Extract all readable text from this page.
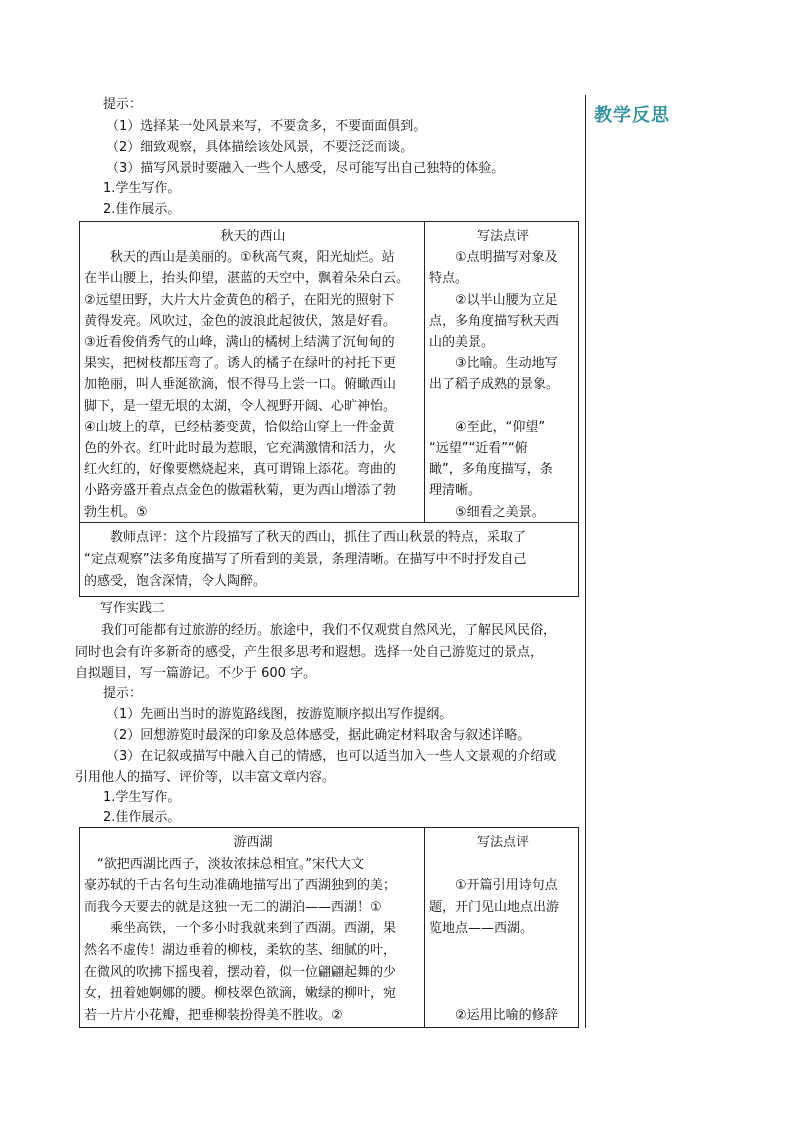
教学反思
提示：
（1）选择某一处风景来写，不要贪多，不要面面俱到。
（2）细致观察，具体描绘该处风景，不要泛泛而谈。
（3）描写风景时要融入一些个人感受，尽可能写出自己独特的体验。
1.学生写作。
2.佳作展示。
秋天的西山
　　秋天的西山是美丽的。①秋高气爽，阳光灿烂。站
在半山腰上，抬头仰望，湛蓝的天空中，飘着朵朵白云。
②远望田野，大片大片金黄色的稻子，在阳光的照射下
黄得发亮。风吹过，金色的波浪此起彼伏，煞是好看。
③近看俊俏秀气的山峰，满山的橘树上结满了沉甸甸的
果实，把树枝都压弯了。诱人的橘子在绿叶的衬托下更
加艳丽，叫人垂涎欲滴，恨不得马上尝一口。俯瞰西山
脚下，是一望无垠的太湖，令人视野开阔、心旷神怡。
④山坡上的草，已经枯萎变黄，恰似给山穿上一件金黄
色的外衣。红叶此时最为惹眼，它充满激情和活力，火
红火红的，好像要燃烧起来，真可谓锦上添花。弯曲的
小路旁盛开着点点金色的傲霜秋菊，更为西山增添了勃
勃生机。⑤
写法点评
　　①点明描写对象及
特点。
　　②以半山腰为立足
点，多角度描写秋天西
山的美景。
　　③比喻。生动地写
出了稻子成熟的景象。
　　④至此，“仰望”
“远望”“近看”“俯
瞰”，多角度描写，条
理清晰。
　　⑤细看之美景。
　　教师点评：这个片段描写了秋天的西山，抓住了西山秋景的特点，采取了
“定点观察”法多角度描写了所看到的美景，条理清晰。在描写中不时抒发自己
的感受，饱含深情，令人陶醉。
写作实践二
　　我们可能都有过旅游的经历。旅途中，我们不仅观赏自然风光，了解民风民俗，
同时也会有许多新奇的感受，产生很多思考和遐想。选择一处自己游览过的景点，
自拟题目，写一篇游记。不少于 600 字。
提示：
（1）先画出当时的游览路线图，按游览顺序拟出写作提纲。
（2）回想游览时最深的印象及总体感受，据此确定材料取舍与叙述详略。
（3）在记叙或描写中融入自己的情感，也可以适当加入一些人文景观的介绍或
引用他人的描写、评价等，以丰富文章内容。
1.学生写作。
2.佳作展示。
游西湖
　“欲把西湖比西子，淡妆浓抹总相宜。”宋代大文
豪苏轼的千古名句生动准确地描写出了西湖独到的美；
而我今天要去的就是这独一无二的湖泊——西湖！①
　　乘坐高铁，一个多小时我就来到了西湖。西湖，果
然名不虚传！湖边垂着的柳枝，柔软的茎、细腻的叶，
在微风的吹拂下摇曳着，摆动着，似一位翩翩起舞的少
女，扭着她婀娜的腰。柳枝翠色欲滴，嫩绿的柳叶，宛
若一片片小花瓣，把垂柳装扮得美不胜收。②
写法点评
　　①开篇引用诗句点
题，开门见山地点出游
览地点——西湖。
　　②运用比喻的修辞
